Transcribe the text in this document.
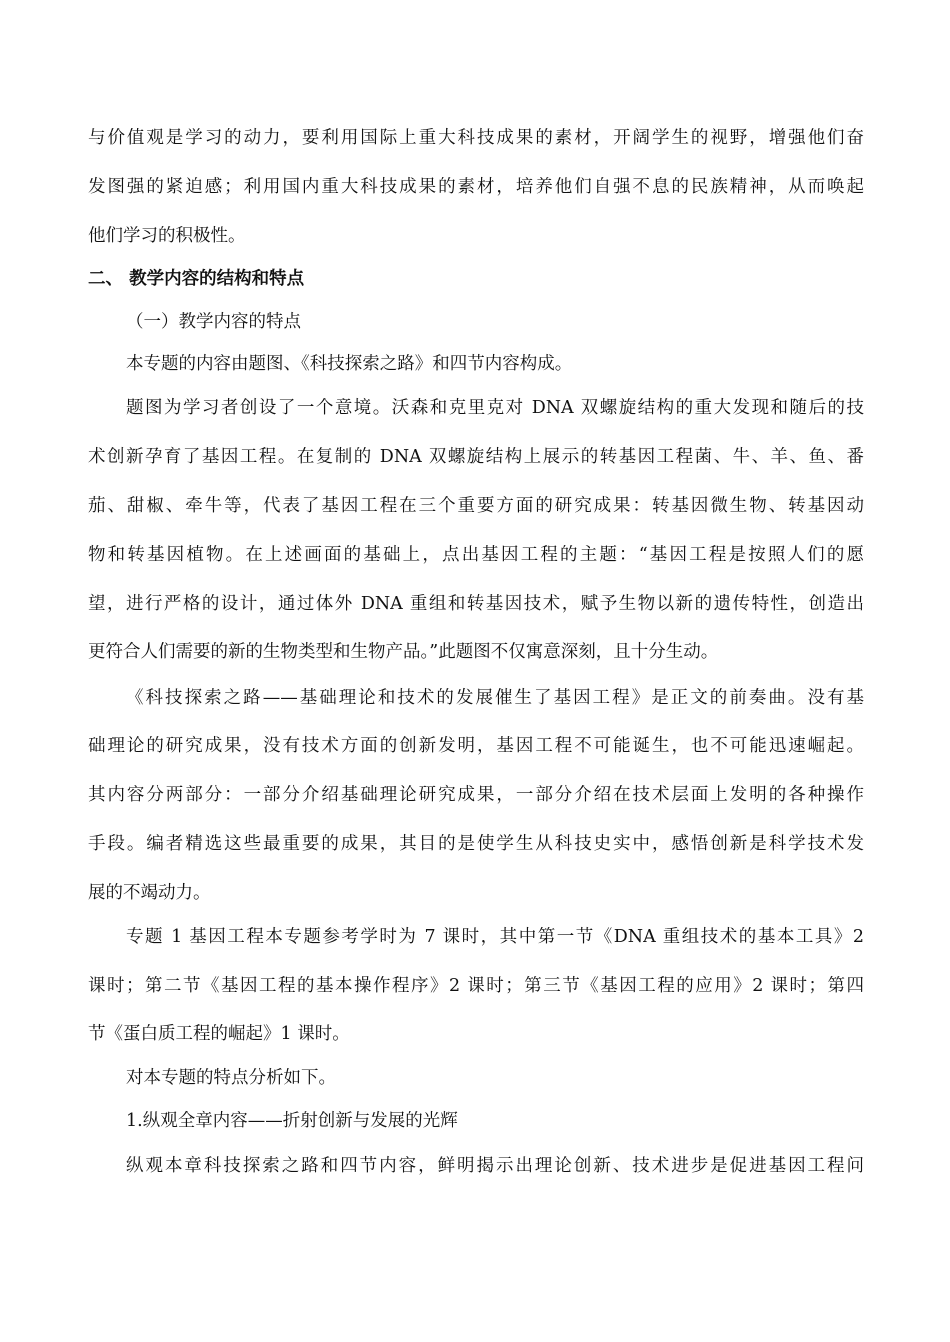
与价值观是学习的动力，要利用国际上重大科技成果的素材，开阔学生的视野，增强他们奋
发图强的紧迫感；利用国内重大科技成果的素材，培养他们自强不息的民族精神，从而唤起
他们学习的积极性。
二、 教学内容的结构和特点
（一）教学内容的特点
本专题的内容由题图、《科技探索之路》和四节内容构成。
题图为学习者创设了一个意境。沃森和克里克对 DNA 双螺旋结构的重大发现和随后的技
术创新孕育了基因工程。在复制的 DNA 双螺旋结构上展示的转基因工程菌、牛、羊、鱼、番
茄、甜椒、牵牛等，代表了基因工程在三个重要方面的研究成果：转基因微生物、转基因动
物和转基因植物。在上述画面的基础上，点出基因工程的主题：“基因工程是按照人们的愿
望，进行严格的设计，通过体外 DNA 重组和转基因技术，赋予生物以新的遗传特性，创造出
更符合人们需要的新的生物类型和生物产品。”此题图不仅寓意深刻，且十分生动。
《科技探索之路——基础理论和技术的发展催生了基因工程》是正文的前奏曲。没有基
础理论的研究成果，没有技术方面的创新发明，基因工程不可能诞生，也不可能迅速崛起。
其内容分两部分：一部分介绍基础理论研究成果，一部分介绍在技术层面上发明的各种操作
手段。编者精选这些最重要的成果，其目的是使学生从科技史实中，感悟创新是科学技术发
展的不竭动力。
专题 1 基因工程本专题参考学时为 7 课时，其中第一节《DNA 重组技术的基本工具》2
课时；第二节《基因工程的基本操作程序》2 课时；第三节《基因工程的应用》2 课时；第四
节《蛋白质工程的崛起》1 课时。
对本专题的特点分析如下。
1.纵观全章内容——折射创新与发展的光辉
纵观本章科技探索之路和四节内容，鲜明揭示出理论创新、技术进步是促进基因工程问
